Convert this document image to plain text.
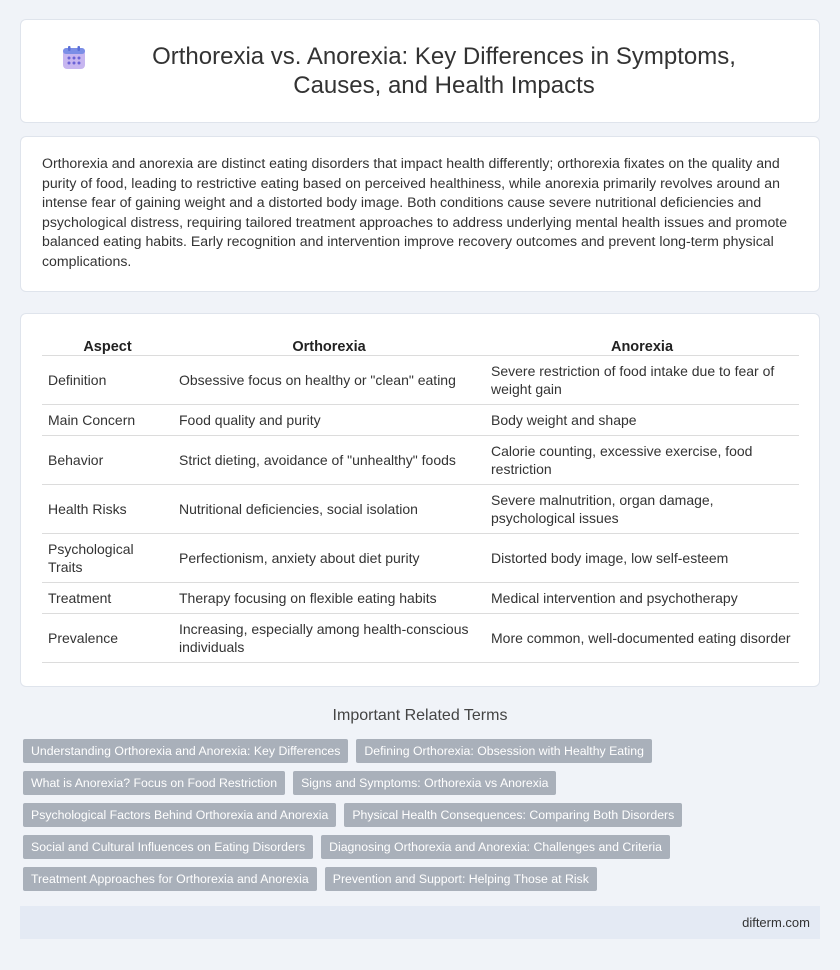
Orthorexia vs. Anorexia: Key Differences in Symptoms, Causes, and Health Impacts

Orthorexia and anorexia are distinct eating disorders that impact health differently; orthorexia fixates on the quality and purity of food, leading to restrictive eating based on perceived healthiness, while anorexia primarily revolves around an intense fear of gaining weight and a distorted body image. Both conditions cause severe nutritional deficiencies and psychological distress, requiring tailored treatment approaches to address underlying mental health issues and promote balanced eating habits. Early recognition and intervention improve recovery outcomes and prevent long-term physical complications.

Aspect	Orthorexia	Anorexia
Definition	Obsessive focus on healthy or "clean" eating	Severe restriction of food intake due to fear of weight gain
Main Concern	Food quality and purity	Body weight and shape
Behavior	Strict dieting, avoidance of "unhealthy" foods	Calorie counting, excessive exercise, food restriction
Health Risks	Nutritional deficiencies, social isolation	Severe malnutrition, organ damage, psychological issues
Psychological Traits	Perfectionism, anxiety about diet purity	Distorted body image, low self-esteem
Treatment	Therapy focusing on flexible eating habits	Medical intervention and psychotherapy
Prevalence	Increasing, especially among health-conscious individuals	More common, well-documented eating disorder
Important Related Terms
Understanding Orthorexia and Anorexia: Key Differences	Defining Orthorexia: Obsession with Healthy Eating
What is Anorexia? Focus on Food Restriction	Signs and Symptoms: Orthorexia vs Anorexia
Psychological Factors Behind Orthorexia and Anorexia	Physical Health Consequences: Comparing Both Disorders
Social and Cultural Influences on Eating Disorders	Diagnosing Orthorexia and Anorexia: Challenges and Criteria
Treatment Approaches for Orthorexia and Anorexia	Prevention and Support: Helping Those at Risk
difterm.com
